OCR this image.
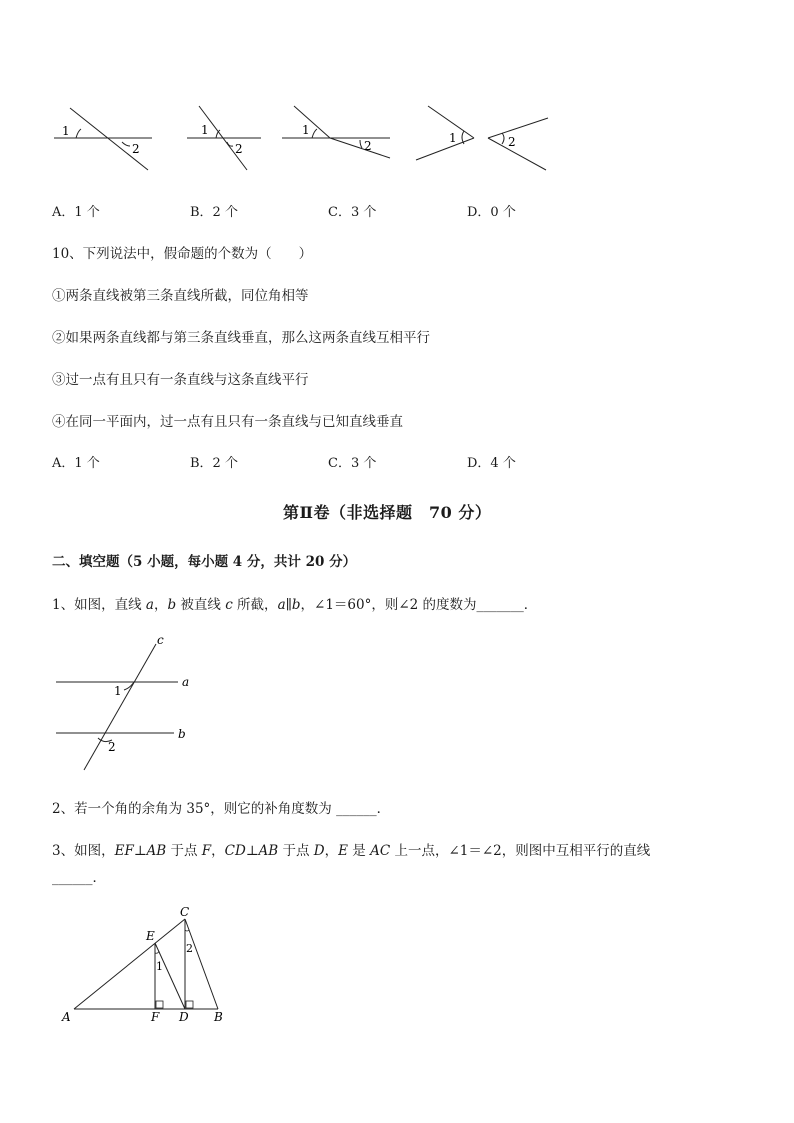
1
2
1
2
1
2
1	2
A．1 个	B．2 个	C．3 个	D．0 个
10、下列说法中，假命题的个数为（　　）
①两条直线被第三条直线所截，同位角相等
②如果两条直线都与第三条直线垂直，那么这两条直线互相平行
③过一点有且只有一条直线与这条直线平行
④在同一平面内，过一点有且只有一条直线与已知直线垂直
A．1 个	B．2 个	C．3 个	D．4 个
第Ⅱ卷（非选择题　70 分）
二、填空题（5 小题，每小题 4 分，共计 20 分）
1、如图，直线 a，b 被直线 c 所截，a∥b，∠1＝60°，则∠2 的度数为_______．
c
a
b
1
2
2、若一个角的余角为 35°，则它的补角度数为 ______．
3、如图，EF⊥AB 于点 F，CD⊥AB 于点 D，E 是 AC 上一点，∠1＝∠2，则图中互相平行的直线
______．
A	F D B
C
E
1
2
